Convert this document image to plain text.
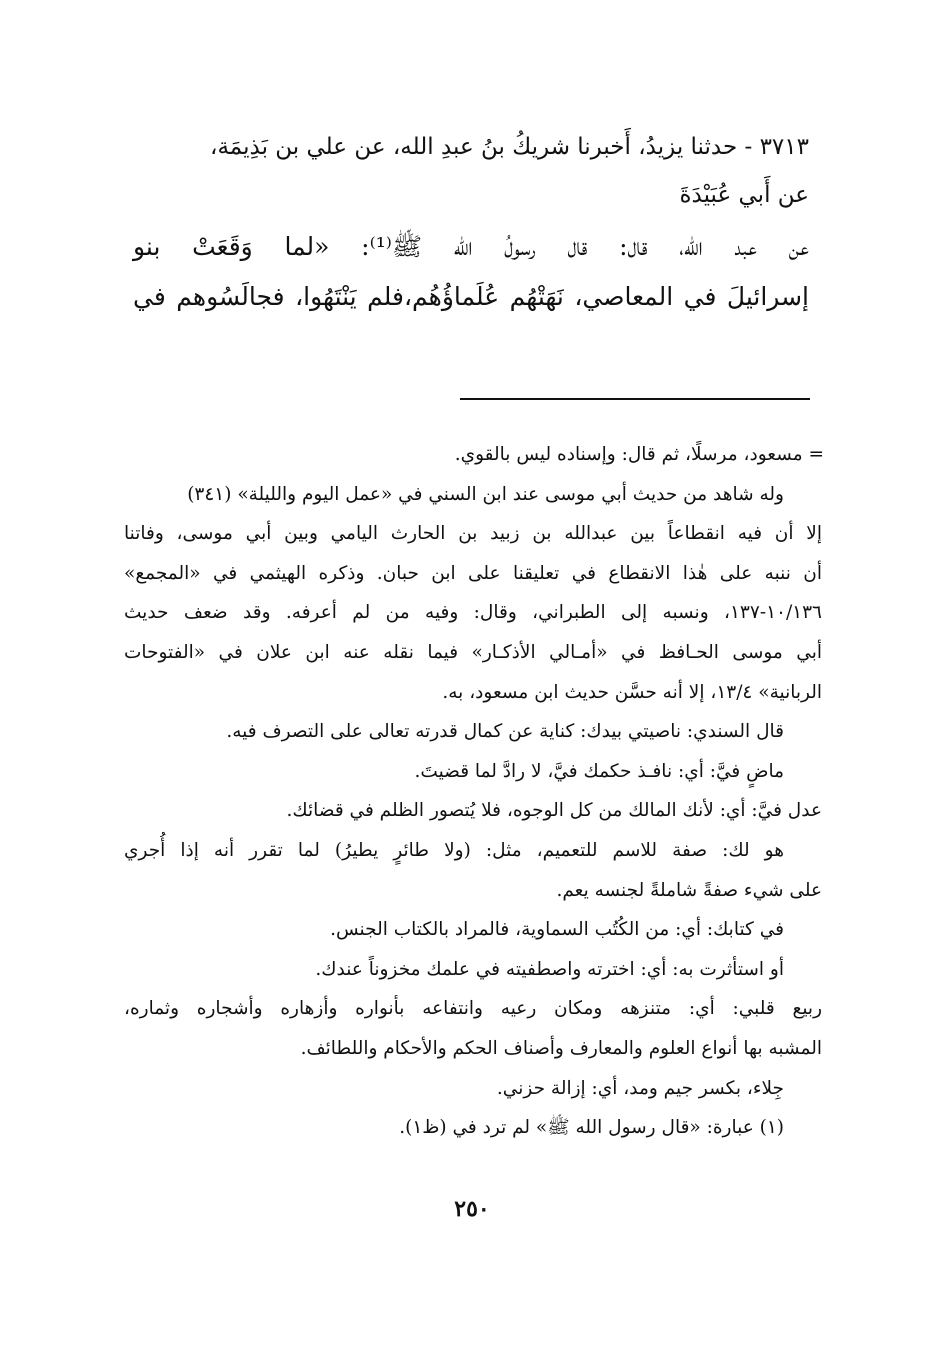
٣٧١٣ - حدثنا يزيدُ، أَخبرنا شريكُ بنُ عبدِ الله، عن علي بن بَذِيمَة،
عن أَبي عُبَيْدَةَ
عن عبد الله، قال: قال رسولُ الله ﷺ⁽¹⁾: «لما وَقَعَتْ بنو
إسرائيلَ في المعاصي، نَهَتْهُم عُلَماؤُهُم،فلم يَنْتَهُوا، فجالَسُوهم في
= مسعود، مرسلًا، ثم قال: وإسناده ليس بالقوي.
وله شاهد من حديث أبي موسى عند ابن السني في «عمل اليوم والليلة» (٣٤١)
إلا أن فيه انقطاعاً بين عبدالله بن زبيد بن الحارث اليامي وبين أبي موسى، وفاتنا
أن ننبه على هٰذا الانقطاع في تعليقنا على ابن حبان. وذكره الهيثمي في «المجمع»
١٠/١٣٦-١٣٧، ونسبه إلى الطبراني، وقال: وفيه من لم أعرفه. وقد ضعف حديث
أبي موسى الحـافظ في «أمـالي الأذكـار» فيما نقله عنه ابن علان في «الفتوحات
الربانية» ١٣/٤، إلا أنه حسَّن حديث ابن مسعود، به.
قال السندي: ناصيتي بيدك: كناية عن كمال قدرته تعالى على التصرف فيه.
ماضٍ فيَّ: أي: نافـذ حكمك فيَّ، لا رادَّ لما قضيتَ.
عدل فيَّ: أي: لأنك المالك من كل الوجوه، فلا يُتصور الظلم في قضائك.
هو لك: صفة للاسم للتعميم، مثل: (ولا طائرٍ يطيرُ) لما تقرر أنه إذا أُجري
على شيء صفةً شاملةً لجنسه يعم.
في كتابك: أي: من الكُتُب السماوية، فالمراد بالكتاب الجنس.
أو استأثرت به: أي: اخترته واصطفيته في علمك مخزوناً عندك.
ربيع قلبي: أي: متنزهه ومكان رعيه وانتفاعه بأنواره وأزهاره وأشجاره وثماره،
المشبه بها أنواع العلوم والمعارف وأصناف الحكم والأحكام واللطائف.
جِلاء، بكسر جيم ومد، أي: إزالة حزني.
(١) عبارة: «قال رسول الله ﷺ» لم ترد في (ظ١).
٢٥٠
